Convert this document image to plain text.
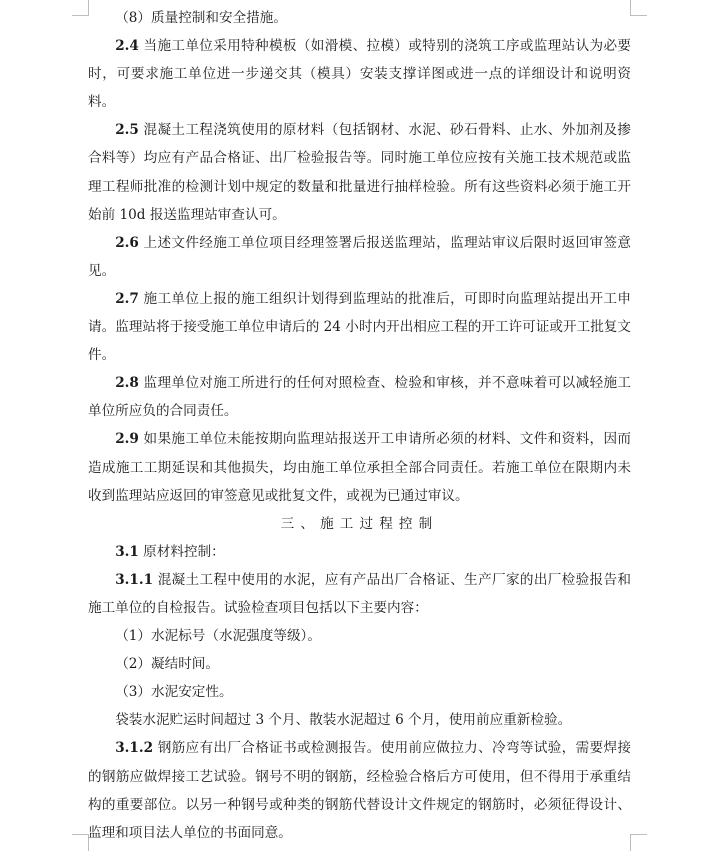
（8）质量控制和安全措施。

2.4 当施工单位采用特种模板（如滑模、拉模）或特别的浇筑工序或监理站认为必要时，可要求施工单位进一步递交其（模具）安装支撑详图或进一点的详细设计和说明资料。

2.5 混凝土工程浇筑使用的原材料（包括钢材、水泥、砂石骨料、止水、外加剂及掺合料等）均应有产品合格证、出厂检验报告等。同时施工单位应按有关施工技术规范或监理工程师批准的检测计划中规定的数量和批量进行抽样检验。所有这些资料必须于施工开始前 10d 报送监理站审查认可。

2.6 上述文件经施工单位项目经理签署后报送监理站，监理站审议后限时返回审签意见。

2.7 施工单位上报的施工组织计划得到监理站的批准后，可即时向监理站提出开工申请。监理站将于接受施工单位申请后的 24 小时内开出相应工程的开工许可证或开工批复文件。

2.8 监理单位对施工所进行的任何对照检查、检验和审核，并不意味着可以减轻施工单位所应负的合同责任。

2.9 如果施工单位未能按期向监理站报送开工申请所必须的材料、文件和资料，因而造成施工工期延误和其他损失，均由施工单位承担全部合同责任。若施工单位在限期内未收到监理站应返回的审签意见或批复文件，或视为已通过审议。

三、施工过程控制

3.1 原材料控制：

3.1.1 混凝土工程中使用的水泥，应有产品出厂合格证、生产厂家的出厂检验报告和施工单位的自检报告。试验检查项目包括以下主要内容：

（1）水泥标号（水泥强度等级）。

（2）凝结时间。

（3）水泥安定性。

袋装水泥贮运时间超过 3 个月、散装水泥超过 6 个月，使用前应重新检验。

3.1.2 钢筋应有出厂合格证书或检测报告。使用前应做拉力、冷弯等试验，需要焊接的钢筋应做焊接工艺试验。钢号不明的钢筋，经检验合格后方可使用，但不得用于承重结构的重要部位。以另一种钢号或种类的钢筋代替设计文件规定的钢筋时，必须征得设计、监理和项目法人单位的书面同意。
